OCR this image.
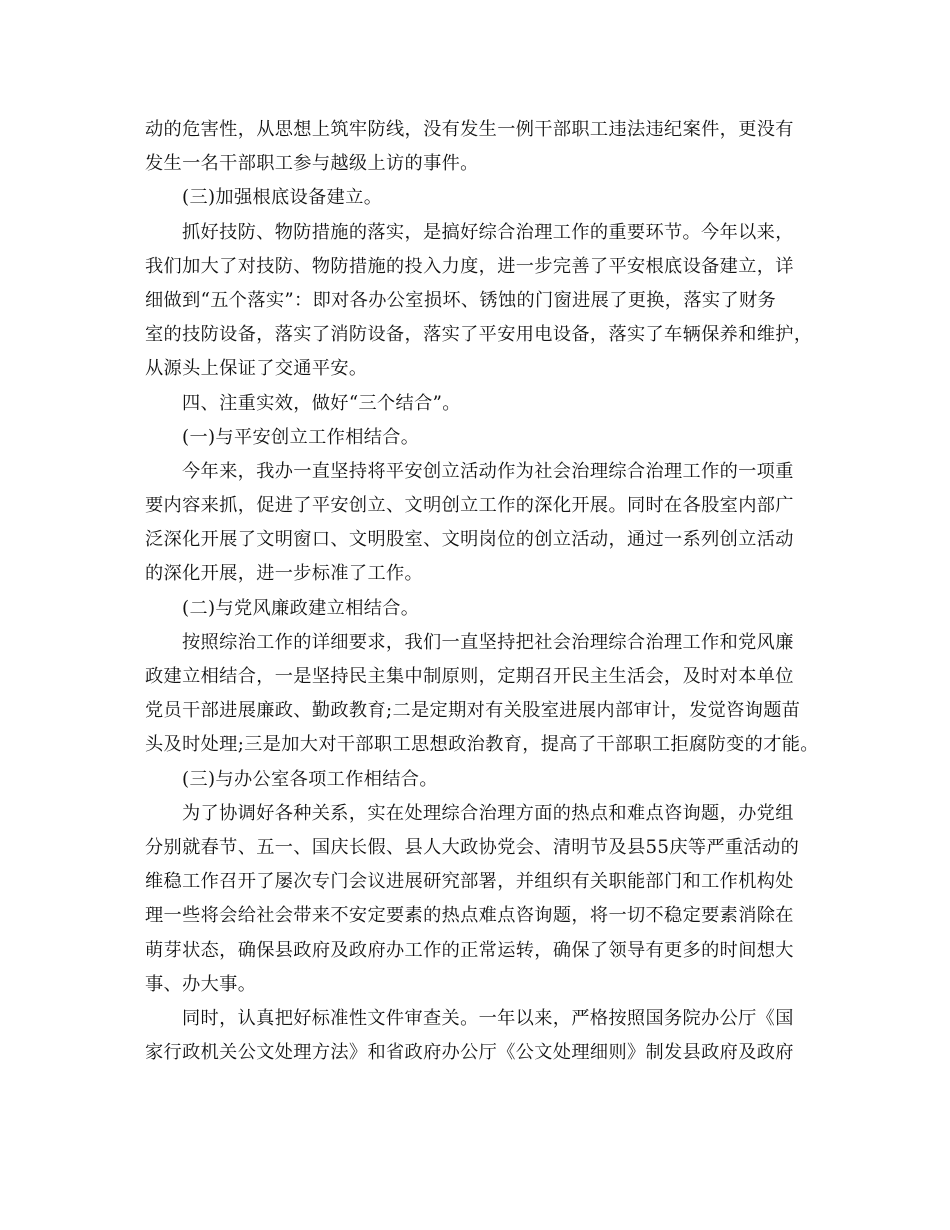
动的危害性，从思想上筑牢防线，没有发生一例干部职工违法违纪案件，更没有
发生一名干部职工参与越级上访的事件。
(三)加强根底设备建立。
抓好技防、物防措施的落实，是搞好综合治理工作的重要环节。今年以来，
我们加大了对技防、物防措施的投入力度，进一步完善了平安根底设备建立，详
细做到“五个落实”：即对各办公室损坏、锈蚀的门窗进展了更换，落实了财务
室的技防设备，落实了消防设备，落实了平安用电设备，落实了车辆保养和维护，
从源头上保证了交通平安。
四、注重实效，做好“三个结合”。
(一)与平安创立工作相结合。
今年来，我办一直坚持将平安创立活动作为社会治理综合治理工作的一项重
要内容来抓，促进了平安创立、文明创立工作的深化开展。同时在各股室内部广
泛深化开展了文明窗口、文明股室、文明岗位的创立活动，通过一系列创立活动
的深化开展，进一步标准了工作。
(二)与党风廉政建立相结合。
按照综治工作的详细要求，我们一直坚持把社会治理综合治理工作和党风廉
政建立相结合，一是坚持民主集中制原则，定期召开民主生活会，及时对本单位
党员干部进展廉政、勤政教育;二是定期对有关股室进展内部审计，发觉咨询题苗
头及时处理;三是加大对干部职工思想政治教育，提高了干部职工拒腐防变的才能。
(三)与办公室各项工作相结合。
为了协调好各种关系，实在处理综合治理方面的热点和难点咨询题，办党组
分别就春节、五一、国庆长假、县人大政协党会、清明节及县55庆等严重活动的
维稳工作召开了屡次专门会议进展研究部署，并组织有关职能部门和工作机构处
理一些将会给社会带来不安定要素的热点难点咨询题，将一切不稳定要素消除在
萌芽状态，确保县政府及政府办工作的正常运转，确保了领导有更多的时间想大
事、办大事。
同时，认真把好标准性文件审查关。一年以来，严格按照国务院办公厅《国
家行政机关公文处理方法》和省政府办公厅《公文处理细则》制发县政府及政府
